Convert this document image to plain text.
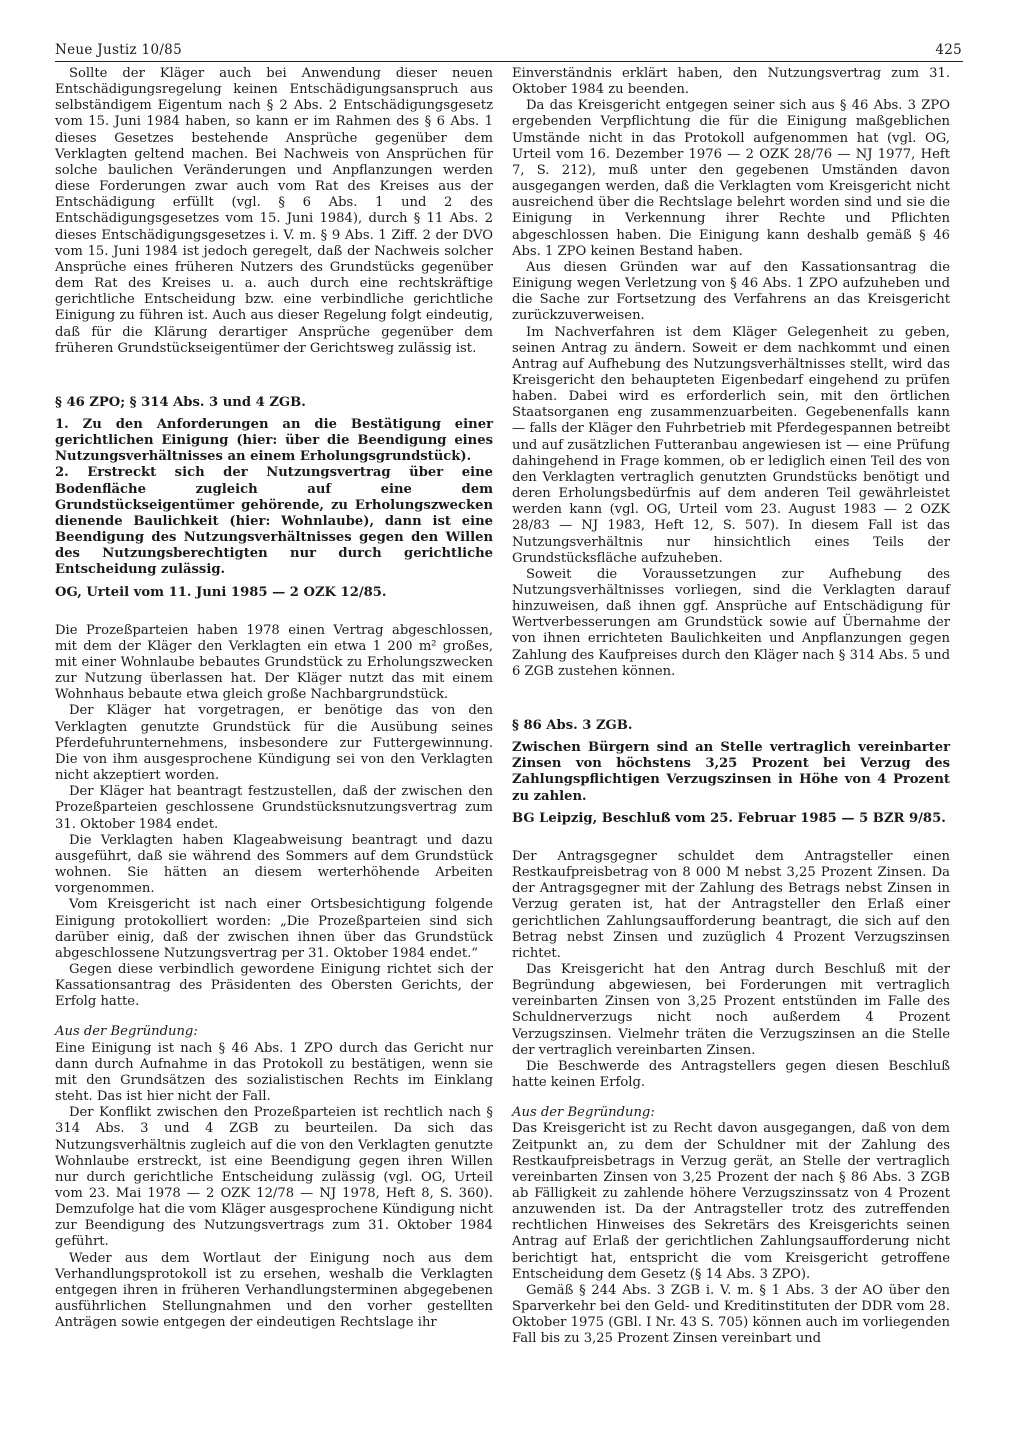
Neue Justiz 10/85	425

Sollte der Kläger auch bei Anwendung dieser neuen Entschädigungsregelung keinen Entschädigungsanspruch aus selbständigem Eigentum nach § 2 Abs. 2 Entschädigungsgesetz vom 15. Juni 1984 haben, so kann er im Rahmen des § 6 Abs. 1 dieses Gesetzes bestehende Ansprüche gegenüber dem Verklagten geltend machen. Bei Nachweis von Ansprüchen für solche baulichen Veränderungen und Anpflanzungen werden diese Forderungen zwar auch vom Rat des Kreises aus der Entschädigung erfüllt (vgl. § 6 Abs. 1 und 2 des Entschädigungsgesetzes vom 15. Juni 1984), durch § 11 Abs. 2 dieses Entschädigungsgesetzes i. V. m. § 9 Abs. 1 Ziff. 2 der DVO vom 15. Juni 1984 ist jedoch geregelt, daß der Nachweis solcher Ansprüche eines früheren Nutzers des Grundstücks gegenüber dem Rat des Kreises u. a. auch durch eine rechtskräftige gerichtliche Entscheidung bzw. eine verbindliche gerichtliche Einigung zu führen ist. Auch aus dieser Regelung folgt eindeutig, daß für die Klärung derartiger Ansprüche gegenüber dem früheren Grundstückseigentümer der Gerichtsweg zulässig ist.

§ 46 ZPO; § 314 Abs. 3 und 4 ZGB.

1. Zu den Anforderungen an die Bestätigung einer gerichtlichen Einigung (hier: über die Beendigung eines Nutzungsverhältnisses an einem Erholungsgrundstück).

2. Erstreckt sich der Nutzungsvertrag über eine Bodenfläche zugleich auf eine dem Grundstückseigentümer gehörende, zu Erholungszwecken dienende Baulichkeit (hier: Wohnlaube), dann ist eine Beendigung des Nutzungsverhältnisses gegen den Willen des Nutzungsberechtigten nur durch gerichtliche Entscheidung zulässig.

OG, Urteil vom 11. Juni 1985 — 2 OZK 12/85.

Die Prozeßparteien haben 1978 einen Vertrag abgeschlossen, mit dem der Kläger den Verklagten ein etwa 1 200 m² großes, mit einer Wohnlaube bebautes Grundstück zu Erholungszwecken zur Nutzung überlassen hat. Der Kläger nutzt das mit einem Wohnhaus bebaute etwa gleich große Nachbargrundstück.

Der Kläger hat vorgetragen, er benötige das von den Verklagten genutzte Grundstück für die Ausübung seines Pferdefuhrunternehmens, insbesondere zur Futtergewinnung. Die von ihm ausgesprochene Kündigung sei von den Verklagten nicht akzeptiert worden.

Der Kläger hat beantragt festzustellen, daß der zwischen den Prozeßparteien geschlossene Grundstücksnutzungsvertrag zum 31. Oktober 1984 endet.

Die Verklagten haben Klageabweisung beantragt und dazu ausgeführt, daß sie während des Sommers auf dem Grundstück wohnen. Sie hätten an diesem werterhöhende Arbeiten vorgenommen.

Vom Kreisgericht ist nach einer Ortsbesichtigung folgende Einigung protokolliert worden: „Die Prozeßparteien sind sich darüber einig, daß der zwischen ihnen über das Grundstück abgeschlossene Nutzungsvertrag per 31. Oktober 1984 endet.“

Gegen diese verbindlich gewordene Einigung richtet sich der Kassationsantrag des Präsidenten des Obersten Gerichts, der Erfolg hatte.

Aus der Begründung:

Eine Einigung ist nach § 46 Abs. 1 ZPO durch das Gericht nur dann durch Aufnahme in das Protokoll zu bestätigen, wenn sie mit den Grundsätzen des sozialistischen Rechts im Einklang steht. Das ist hier nicht der Fall.

Der Konflikt zwischen den Prozeßparteien ist rechtlich nach § 314 Abs. 3 und 4 ZGB zu beurteilen. Da sich das Nutzungsverhältnis zugleich auf die von den Verklagten genutzte Wohnlaube erstreckt, ist eine Beendigung gegen ihren Willen nur durch gerichtliche Entscheidung zulässig (vgl. OG, Urteil vom 23. Mai 1978 — 2 OZK 12/78 — NJ 1978, Heft 8, S. 360). Demzufolge hat die vom Kläger ausgesprochene Kündigung nicht zur Beendigung des Nutzungsvertrags zum 31. Oktober 1984 geführt.

Weder aus dem Wortlaut der Einigung noch aus dem Verhandlungsprotokoll ist zu ersehen, weshalb die Verklagten entgegen ihren in früheren Verhandlungsterminen abgegebenen ausführlichen Stellungnahmen und den vorher gestellten Anträgen sowie entgegen der eindeutigen Rechtslage ihr

Einverständnis erklärt haben, den Nutzungsvertrag zum 31. Oktober 1984 zu beenden.

Da das Kreisgericht entgegen seiner sich aus § 46 Abs. 3 ZPO ergebenden Verpflichtung die für die Einigung maßgeblichen Umstände nicht in das Protokoll aufgenommen hat (vgl. OG, Urteil vom 16. Dezember 1976 — 2 OZK 28/76 — NJ 1977, Heft 7, S. 212), muß unter den gegebenen Umständen davon ausgegangen werden, daß die Verklagten vom Kreisgericht nicht ausreichend über die Rechtslage belehrt worden sind und sie die Einigung in Verkennung ihrer Rechte und Pflichten abgeschlossen haben. Die Einigung kann deshalb gemäß § 46 Abs. 1 ZPO keinen Bestand haben.

Aus diesen Gründen war auf den Kassationsantrag die Einigung wegen Verletzung von § 46 Abs. 1 ZPO aufzuheben und die Sache zur Fortsetzung des Verfahrens an das Kreisgericht zurückzuverweisen.

Im Nachverfahren ist dem Kläger Gelegenheit zu geben, seinen Antrag zu ändern. Soweit er dem nachkommt und einen Antrag auf Aufhebung des Nutzungsverhältnisses stellt, wird das Kreisgericht den behaupteten Eigenbedarf eingehend zu prüfen haben. Dabei wird es erforderlich sein, mit den örtlichen Staatsorganen eng zusammenzuarbeiten. Gegebenenfalls kann — falls der Kläger den Fuhrbetrieb mit Pferdegespannen betreibt und auf zusätzlichen Futteranbau angewiesen ist — eine Prüfung dahingehend in Frage kommen, ob er lediglich einen Teil des von den Verklagten vertraglich genutzten Grundstücks benötigt und deren Erholungsbedürfnis auf dem anderen Teil gewährleistet werden kann (vgl. OG, Urteil vom 23. August 1983 — 2 OZK 28/83 — NJ 1983, Heft 12, S. 507). In diesem Fall ist das Nutzungsverhältnis nur hinsichtlich eines Teils der Grundstücksfläche aufzuheben.

Soweit die Voraussetzungen zur Aufhebung des Nutzungsverhältnisses vorliegen, sind die Verklagten darauf hinzuweisen, daß ihnen ggf. Ansprüche auf Entschädigung für Wertverbesserungen am Grundstück sowie auf Übernahme der von ihnen errichteten Baulichkeiten und Anpflanzungen gegen Zahlung des Kaufpreises durch den Kläger nach § 314 Abs. 5 und 6 ZGB zustehen können.

§ 86 Abs. 3 ZGB.

Zwischen Bürgern sind an Stelle vertraglich vereinbarter Zinsen von höchstens 3,25 Prozent bei Verzug des Zahlungspflichtigen Verzugszinsen in Höhe von 4 Prozent zu zahlen.

BG Leipzig, Beschluß vom 25. Februar 1985 — 5 BZR 9/85.

Der Antragsgegner schuldet dem Antragsteller einen Restkaufpreisbetrag von 8 000 M nebst 3,25 Prozent Zinsen. Da der Antragsgegner mit der Zahlung des Betrags nebst Zinsen in Verzug geraten ist, hat der Antragsteller den Erlaß einer gerichtlichen Zahlungsaufforderung beantragt, die sich auf den Betrag nebst Zinsen und zuzüglich 4 Prozent Verzugszinsen richtet.

Das Kreisgericht hat den Antrag durch Beschluß mit der Begründung abgewiesen, bei Forderungen mit vertraglich vereinbarten Zinsen von 3,25 Prozent entstünden im Falle des Schuldnerverzugs nicht noch außerdem 4 Prozent Verzugszinsen. Vielmehr träten die Verzugszinsen an die Stelle der vertraglich vereinbarten Zinsen.

Die Beschwerde des Antragstellers gegen diesen Beschluß hatte keinen Erfolg.

Aus der Begründung:

Das Kreisgericht ist zu Recht davon ausgegangen, daß von dem Zeitpunkt an, zu dem der Schuldner mit der Zahlung des Restkaufpreisbetrags in Verzug gerät, an Stelle der vertraglich vereinbarten Zinsen von 3,25 Prozent der nach § 86 Abs. 3 ZGB ab Fälligkeit zu zahlende höhere Verzugszinssatz von 4 Prozent anzuwenden ist. Da der Antragsteller trotz des zutreffenden rechtlichen Hinweises des Sekretärs des Kreisgerichts seinen Antrag auf Erlaß der gerichtlichen Zahlungsaufforderung nicht berichtigt hat, entspricht die vom Kreisgericht getroffene Entscheidung dem Gesetz (§ 14 Abs. 3 ZPO).

Gemäß § 244 Abs. 3 ZGB i. V. m. § 1 Abs. 3 der AO über den Sparverkehr bei den Geld- und Kreditinstituten der DDR vom 28. Oktober 1975 (GBl. I Nr. 43 S. 705) können auch im vorliegenden Fall bis zu 3,25 Prozent Zinsen vereinbart und
